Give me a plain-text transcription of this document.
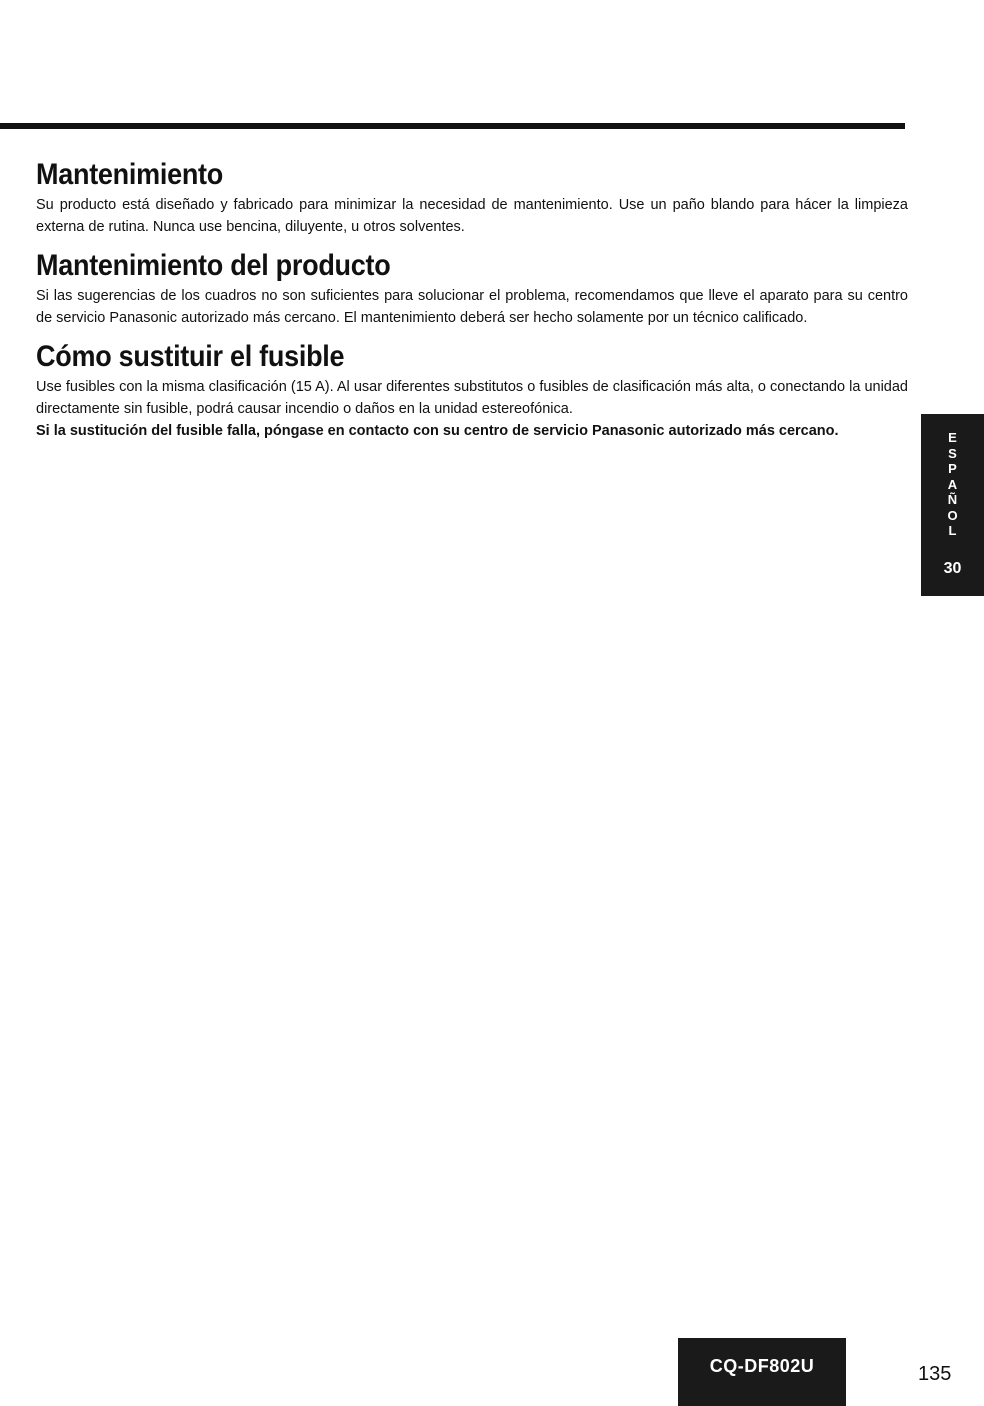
Mantenimiento

Su producto está diseñado y fabricado para minimizar la necesidad de mantenimiento. Use un paño blando para hácer la limpieza externa de rutina. Nunca use bencina, diluyente, u otros solventes.

Mantenimiento del producto

Si las sugerencias de los cuadros no son suficientes para solucionar el problema, recomendamos que lleve el aparato para su centro de servicio Panasonic autorizado más cercano. El mantenimiento deberá ser hecho solamente por un técnico calificado.

Cómo sustituir el fusible

Use fusibles con la misma clasificación (15 A). Al usar diferentes substitutos o fusibles de clasificación más alta, o conectando la unidad directamente sin fusible, podrá causar incendio o daños en la unidad estereofónica.

Si la sustitución del fusible falla, póngase en contacto con su centro de servicio Panasonic autorizado más cercano.	E
S
P
A
Ñ
O
L
30
CQ-DF802U	135
